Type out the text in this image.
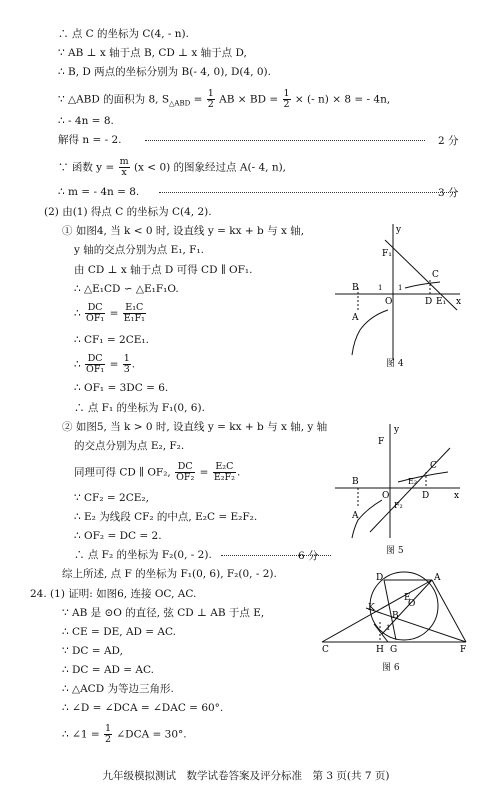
∴ 点 C 的坐标为 C(4, - n).
∵ AB ⊥ x 轴于点 B, CD ⊥ x 轴于点 D,
∴ B, D 两点的坐标分别为 B(- 4, 0), D(4, 0).
∵ △ABD 的面积为 8, $S_{\triangle ABD} = \frac{1}{2}$ AB × BD = $\frac{1}{2}$ × (- n) × 8 = - 4n,
∴ - 4n = 8.
解得 n = - 2.	2 分
∵ 函数 $y = \frac{m}{x} (x < 0)$ 的图象经过点 A(- 4, n),
∴ m = - 4n = 8.	3 分
(2) 由(1) 得点 C 的坐标为 C(4, 2).
① 如图4, 当 k < 0 时, 设直线 y = kx + b 与 x 轴,
y 轴的交点分别为点 E₁, F₁.
由 CD ⊥ x 轴于点 D 可得 CD ∥ OF₁.
∴ △E₁CD ∽ △E₁F₁O.
∴ $\frac{DC}{\text{OF₁}} = \frac{\text{E₁C}}{\text{E₁F₁}}$
∴ CF₁ = 2CE₁.
∴ $\frac{DC}{\text{OF₁}} = \frac{1}{3}$ .
∴ OF₁ = 3DC = 6.
∴ 点 F₁ 的坐标为 F₁(0, 6).
② 如图5, 当 k > 0 时, 设直线 y = kx + b 与 x 轴, y 轴
的交点分别为点 E₂, F₂.
同理可得 CD ∥ OF₂, $\frac{DC}{\text{OF₂}} = \frac{\text{E₂C}}{\text{E₂F₂}}$ .
∵ CF₂ = 2CE₂,
∴ E₂ 为线段 CF₂ 的中点, E₂C = E₂F₂.
∴ OF₂ = DC = 2.
∴ 点 F₂ 的坐标为 F₂(0, - 2).	6 分
综上所述, 点 F 的坐标为 F₁(0, 6), F₂(0, - 2).
24. (1) 证明: 如图6, 连接 OC, AC.
∵ AB 是 ⊙O 的直径, 弦 CD ⊥ AB 于点 E,
∴ CE = DE, AD = AC.
∵ DC = AD,
∴ DC = AD = AC.
∴ △ACD 为等边三角形.
∴ ∠D = ∠DCA = ∠DAC = 60°.
∴ ∠1 = $\frac{1}{2}$ ∠DCA = 30°.
y
F₁
C
B
O	D E₁ x
A
1
1
图 4
y
F
C
E₂
B
O	D	x
A
F₂
图 5
D	A
O
B
E
K
C	H G	F
1
图 6
九年级模拟测试　数学试卷答案及评分标准　第 3 页(共 7 页)
